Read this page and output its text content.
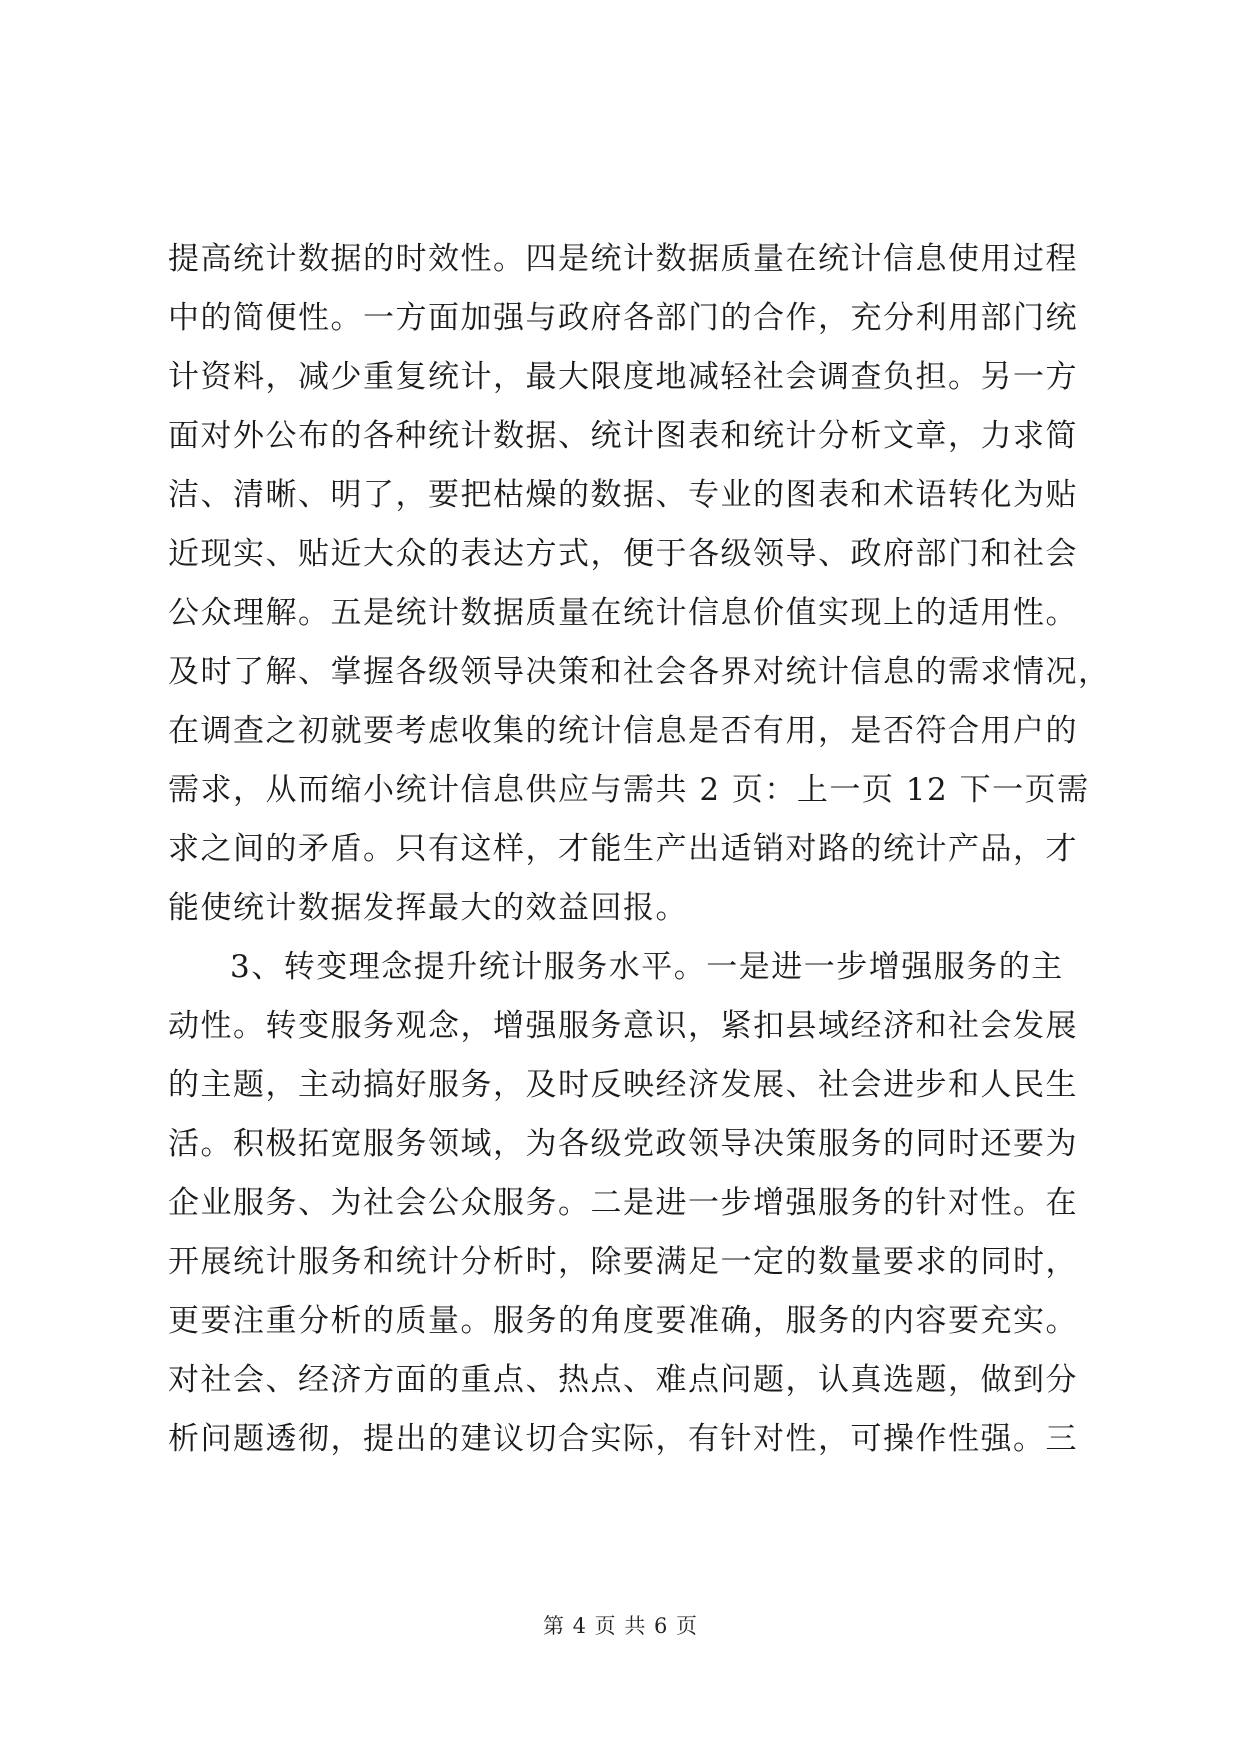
提高统计数据的时效性。四是统计数据质量在统计信息使用过程
中的简便性。一方面加强与政府各部门的合作，充分利用部门统
计资料，减少重复统计，最大限度地减轻社会调查负担。另一方
面对外公布的各种统计数据、统计图表和统计分析文章，力求简
洁、清晰、明了，要把枯燥的数据、专业的图表和术语转化为贴
近现实、贴近大众的表达方式，便于各级领导、政府部门和社会
公众理解。五是统计数据质量在统计信息价值实现上的适用性。
及时了解、掌握各级领导决策和社会各界对统计信息的需求情况，
在调查之初就要考虑收集的统计信息是否有用，是否符合用户的
需求，从而缩小统计信息供应与需共 2 页：上一页 12 下一页需
求之间的矛盾。只有这样，才能生产出适销对路的统计产品，才
能使统计数据发挥最大的效益回报。
3、转变理念提升统计服务水平。一是进一步增强服务的主
动性。转变服务观念，增强服务意识，紧扣县域经济和社会发展
的主题，主动搞好服务，及时反映经济发展、社会进步和人民生
活。积极拓宽服务领域，为各级党政领导决策服务的同时还要为
企业服务、为社会公众服务。二是进一步增强服务的针对性。在
开展统计服务和统计分析时，除要满足一定的数量要求的同时，
更要注重分析的质量。服务的角度要准确，服务的内容要充实。
对社会、经济方面的重点、热点、难点问题，认真选题，做到分
析问题透彻，提出的建议切合实际，有针对性，可操作性强。三
第 4 页 共 6 页
